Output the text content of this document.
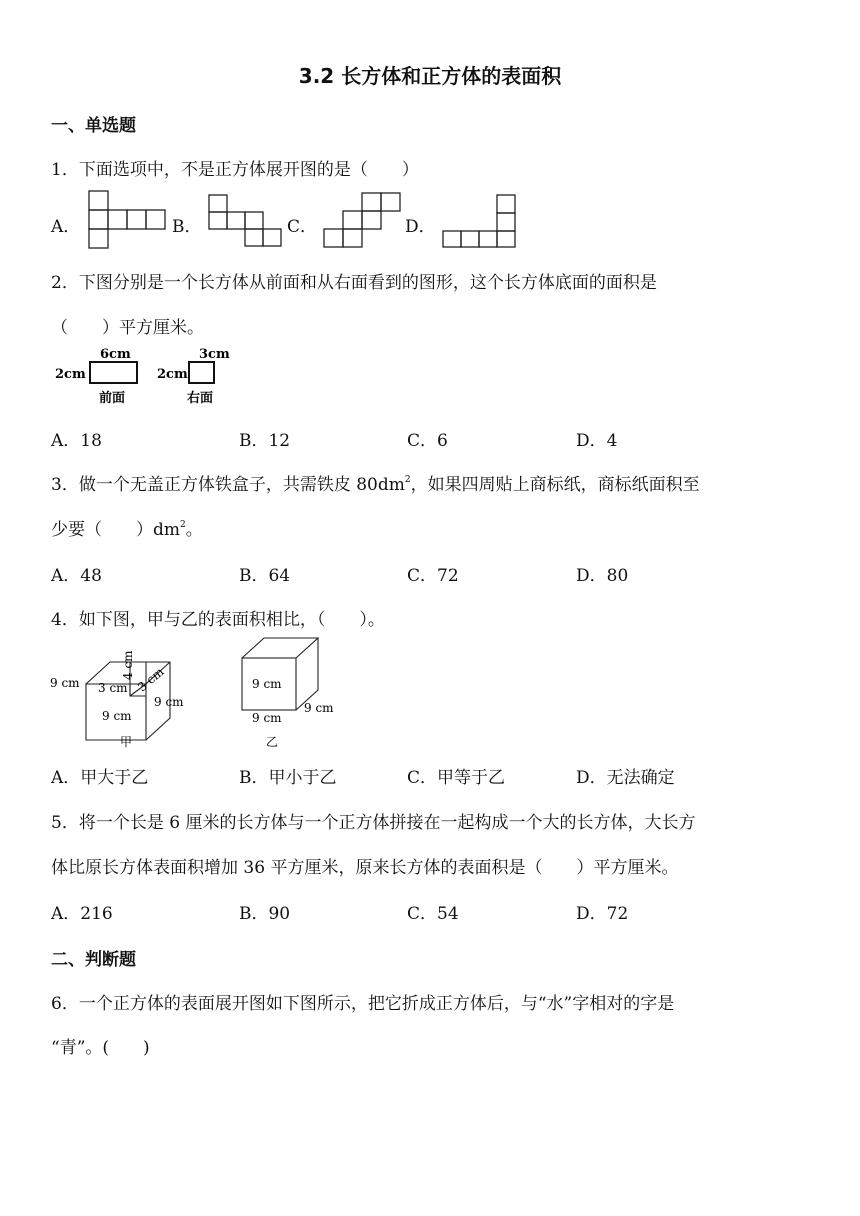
3.2 长方体和正方体的表面积
一、单选题
1．下面选项中，不是正方体展开图的是（　　）
A．	B．	C．	D．
2．下图分别是一个长方体从前面和从右面看到的图形，这个长方体底面的面积是
（　　）平方厘米。
6cm
2cm
前面
3cm
2cm
右面
A．18	B．12	C．6	D．4
3．做一个无盖正方体铁盒子，共需铁皮 $80dm^2$，如果四周贴上商标纸，商标纸面积至
少要（　　）$dm^2$。
A．48	B．64	C．72	D．80
4．如下图，甲与乙的表面积相比，（　　）。
9 cm 3 cm
4 cm 3 cm
9 cm
9 cm
甲
9 cm
9 cm
9 cm
乙
A．甲大于乙	B．甲小于乙	C．甲等于乙	D．无法确定
5．将一个长是 6 厘米的长方体与一个正方体拼接在一起构成一个大的长方体，大长方
体比原长方体表面积增加 36 平方厘米，原来长方体的表面积是（　　）平方厘米。
A．216	B．90	C．54	D．72
二、判断题
6．一个正方体的表面展开图如下图所示，把它折成正方体后，与“水”字相对的字是
“青”。(　　)
